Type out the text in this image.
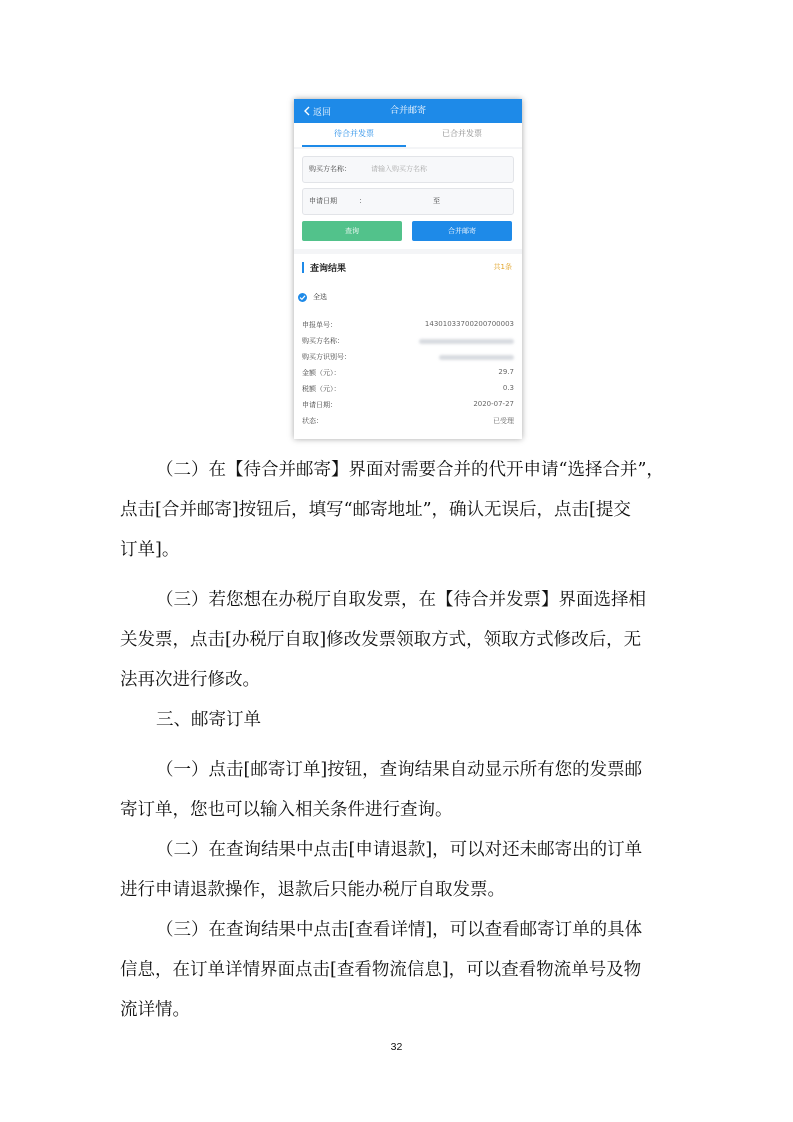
返回	合并邮寄
待合并发票	已合并发票
购买方名称：	请输入购买方名称
申请日期	：	至
查询	合并邮寄
查询结果	共1条
全选
申报单号：	14301033700200700003
购买方名称：
购买方识别号：
金额（元）：	29.7
税额（元）：	0.3
申请日期：	2020-07-27
状态：	已受理
（二）在【待合并邮寄】界面对需要合并的代开申请“选择合并”，
点击[合并邮寄]按钮后，填写“邮寄地址”，确认无误后，点击[提交
订单]。
（三）若您想在办税厅自取发票，在【待合并发票】界面选择相
关发票，点击[办税厅自取]修改发票领取方式，领取方式修改后，无
法再次进行修改。
三、邮寄订单
（一）点击[邮寄订单]按钮，查询结果自动显示所有您的发票邮
寄订单，您也可以输入相关条件进行查询。
（二）在查询结果中点击[申请退款]，可以对还未邮寄出的订单
进行申请退款操作，退款后只能办税厅自取发票。
（三）在查询结果中点击[查看详情]，可以查看邮寄订单的具体
信息，在订单详情界面点击[查看物流信息]，可以查看物流单号及物
流详情。
32
